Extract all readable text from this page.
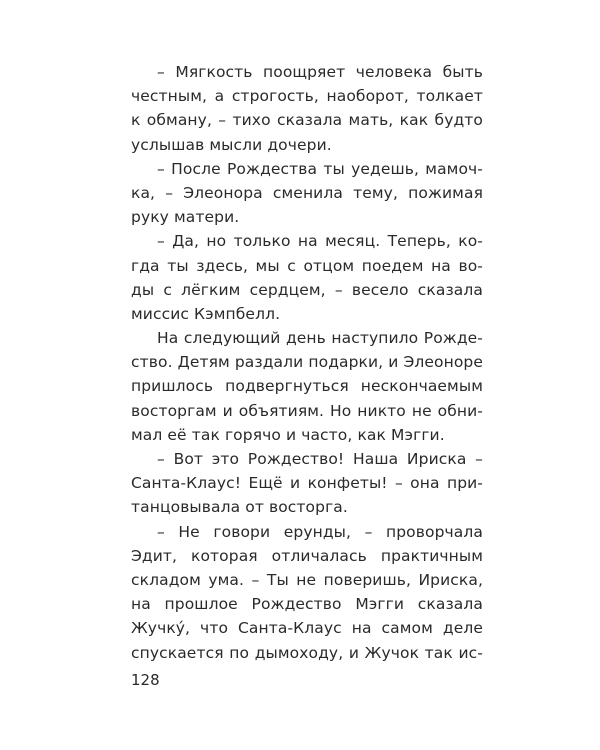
– Мягкость поощряет человека быть
честным, а строгость, наоборот, толкает
к обману, – тихо сказала мать, как будто
услышав мысли дочери.
– После Рождества ты уедешь, мамоч-
ка, – Элеонора сменила тему, пожимая
руку матери.
– Да, но только на месяц. Теперь, ко-
гда ты здесь, мы с отцом поедем на во-
ды с лёгким сердцем, – весело сказала
миссис Кэмпбелл.
На следующий день наступило Рожде-
ство. Детям раздали подарки, и Элеоноре
пришлось подвергнуться нескончаемым
восторгам и объятиям. Но никто не обни-
мал её так горячо и часто, как Мэгги.
– Вот это Рождество! Наша Ириска –
Санта-Клаус! Ещё и конфеты! – она при-
танцовывала от восторга.
– Не говори ерунды, – проворчала
Эдит, которая отличалась практичным
складом ума. – Ты не поверишь, Ириска,
на прошлое Рождество Мэгги сказала
Жучкý, что Санта-Клаус на самом деле
спускается по дымоходу, и Жучок так ис-
128
